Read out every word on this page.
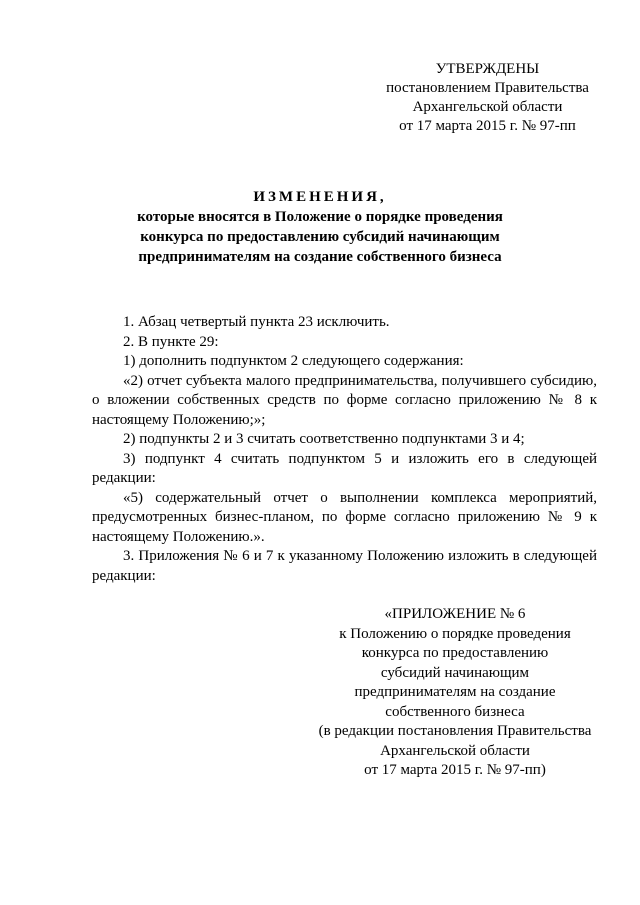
УТВЕРЖДЕНЫ
постановлением Правительства
Архангельской области
от 17 марта 2015 г. № 97-пп
ИЗМЕНЕНИЯ,
которые вносятся в Положение о порядке проведения
конкурса по предоставлению субсидий начинающим
предпринимателям на создание собственного бизнеса

1. Абзац четвертый пункта 23 исключить.

2. В пункте 29:

1) дополнить подпунктом 2 следующего содержания:

«2) отчет субъекта малого предпринимательства, получившего субсидию, о вложении собственных средств по форме согласно приложению № 8 к настоящему Положению;»;

2) подпункты 2 и 3 считать соответственно подпунктами 3 и 4;

3) подпункт 4 считать подпунктом 5 и изложить его в следующей редакции:

«5) содержательный отчет о выполнении комплекса мероприятий, предусмотренных бизнес-планом, по форме согласно приложению № 9 к настоящему Положению.».

3. Приложения № 6 и 7 к указанному Положению изложить в следующей редакции:

«ПРИЛОЖЕНИЕ № 6
к Положению о порядке проведения
конкурса по предоставлению
субсидий начинающим
предпринимателям на создание
собственного бизнеса
(в редакции постановления Правительства
Архангельской области
от 17 марта 2015 г. № 97-пп)
